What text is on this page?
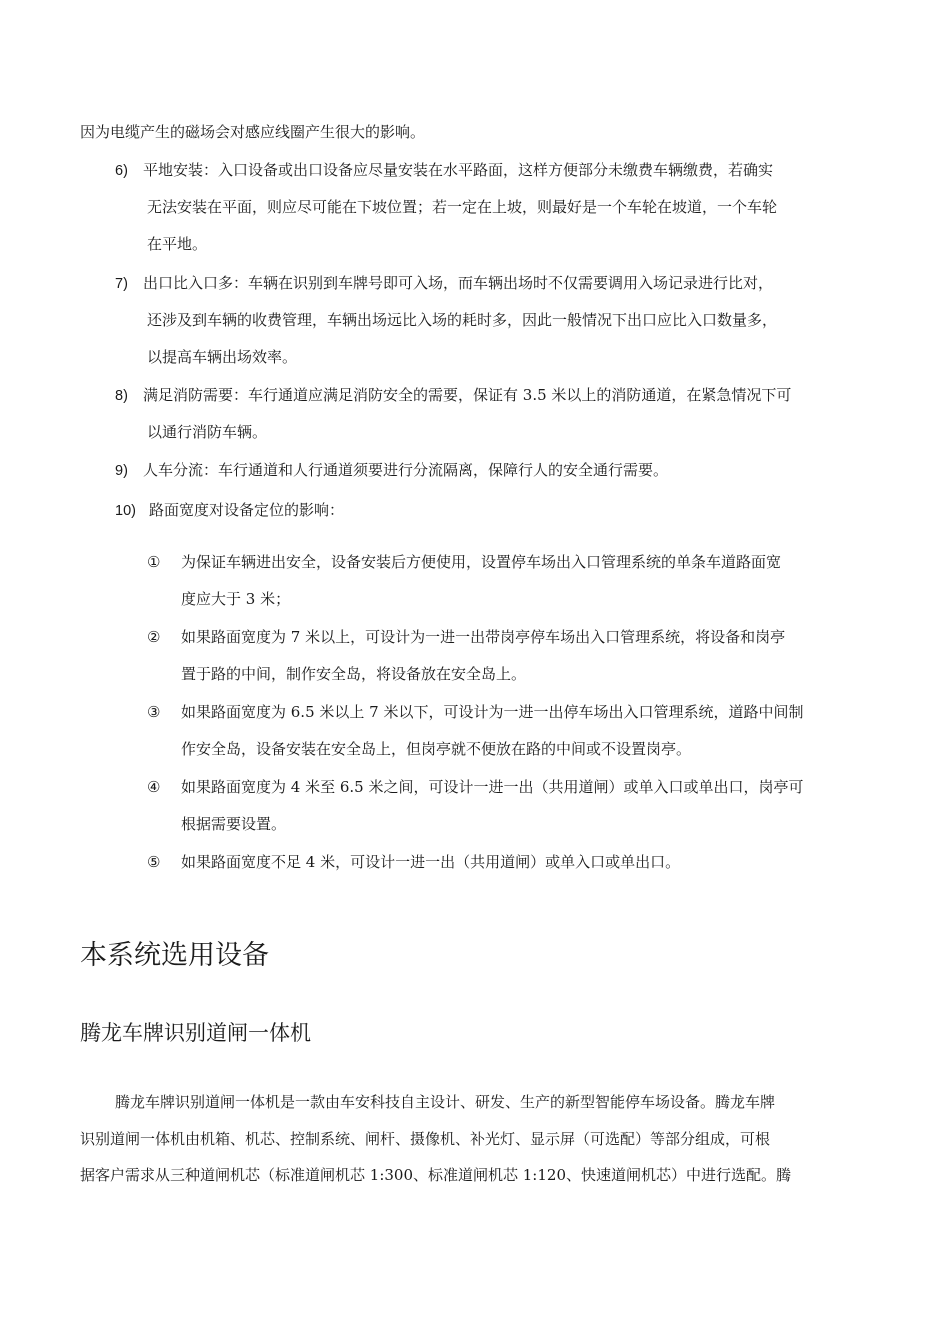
因为电缆产生的磁场会对感应线圈产生很大的影响。
6) 平地安装：入口设备或出口设备应尽量安装在水平路面，这样方便部分未缴费车辆缴费，若确实
无法安装在平面，则应尽可能在下坡位置；若一定在上坡，则最好是一个车轮在坡道，一个车轮
在平地。
7) 出口比入口多：车辆在识别到车牌号即可入场，而车辆出场时不仅需要调用入场记录进行比对，
还涉及到车辆的收费管理，车辆出场远比入场的耗时多，因此一般情况下出口应比入口数量多，
以提高车辆出场效率。
8) 满足消防需要：车行通道应满足消防安全的需要，保证有 3.5 米以上的消防通道，在紧急情况下可
以通行消防车辆。
9) 人车分流：车行通道和人行通道须要进行分流隔离，保障行人的安全通行需要。
10) 路面宽度对设备定位的影响：
① 为保证车辆进出安全，设备安装后方便使用，设置停车场出入口管理系统的单条车道路面宽
度应大于 3 米；
② 如果路面宽度为 7 米以上，可设计为一进一出带岗亭停车场出入口管理系统，将设备和岗亭
置于路的中间，制作安全岛，将设备放在安全岛上。
③ 如果路面宽度为 6.5 米以上 7 米以下，可设计为一进一出停车场出入口管理系统，道路中间制
作安全岛，设备安装在安全岛上，但岗亭就不便放在路的中间或不设置岗亭。
④ 如果路面宽度为 4 米至 6.5 米之间，可设计一进一出（共用道闸）或单入口或单出口，岗亭可
根据需要设置。
⑤ 如果路面宽度不足 4 米，可设计一进一出（共用道闸）或单入口或单出口。
本系统选用设备
腾龙车牌识别道闸一体机
腾龙车牌识别道闸一体机是一款由车安科技自主设计、研发、生产的新型智能停车场设备。腾龙车牌
识别道闸一体机由机箱、机芯、控制系统、闸杆、摄像机、补光灯、显示屏（可选配）等部分组成，可根
据客户需求从三种道闸机芯（标准道闸机芯 1:300、标准道闸机芯 1:120、快速道闸机芯）中进行选配。腾
